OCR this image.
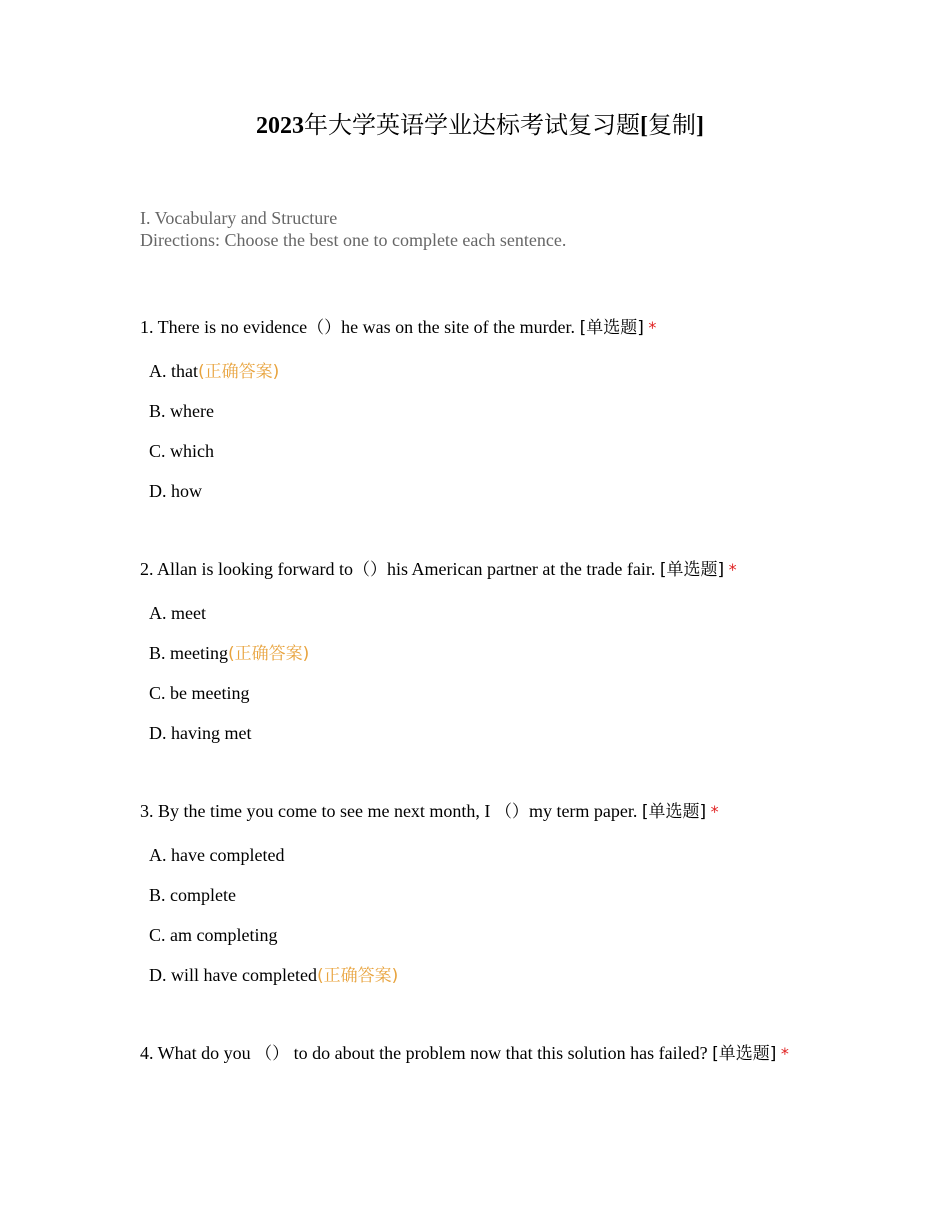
2023年大学英语学业达标考试复习题[复制]
I. Vocabulary and Structure
Directions: Choose the best one to complete each sentence.

1. There is no evidence（）he was on the site of the murder. [单选题] *

A. that(正确答案)
B. where
C. which
D. how

2. Allan is looking forward to（）his American partner at the trade fair. [单选题] *

A. meet
B. meeting(正确答案)
C. be meeting
D. having met

3. By the time you come to see me next month, I （）my term paper. [单选题] *

A. have completed
B. complete
C. am completing
D. will have completed(正确答案)

4. What do you （） to do about the problem now that this solution has failed? [单选题] *
